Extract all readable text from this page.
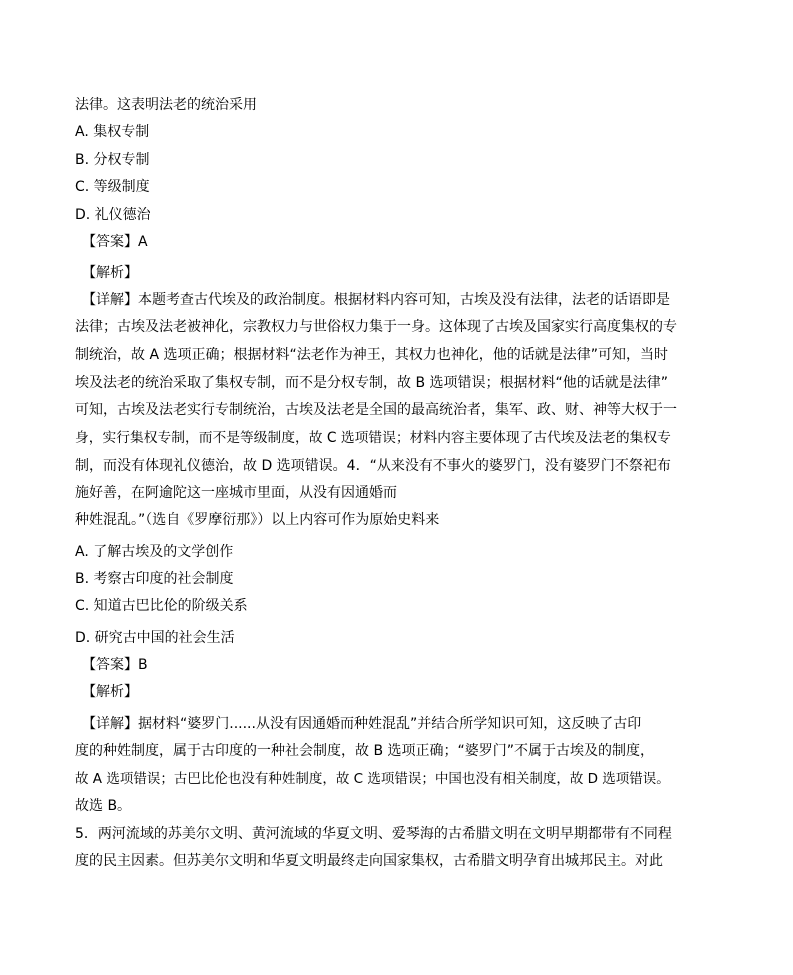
法律。这表明法老的统治采用
A. 集权专制
B. 分权专制
C. 等级制度
D. 礼仪德治
【答案】A
【解析】
【详解】本题考查古代埃及的政治制度。根据材料内容可知，古埃及没有法律，法老的话语即是
法律；古埃及法老被神化，宗教权力与世俗权力集于一身。这体现了古埃及国家实行高度集权的专
制统治，故 A 选项正确；根据材料“法老作为神王，其权力也神化，他的话就是法律”可知，当时
埃及法老的统治采取了集权专制，而不是分权专制，故 B 选项错误；根据材料“他的话就是法律”
可知，古埃及法老实行专制统治，古埃及法老是全国的最高统治者，集军、政、财、神等大权于一
身，实行集权专制，而不是等级制度，故 C 选项错误；材料内容主要体现了古代埃及法老的集权专
制，而没有体现礼仪德治，故 D 选项错误。4．“从来没有不事火的婆罗门，没有婆罗门不祭祀布
施好善，在阿逾陀这一座城市里面，从没有因通婚而
种姓混乱。”（选自《罗摩衍那》）以上内容可作为原始史料来
A. 了解古埃及的文学创作
B. 考察古印度的社会制度
C. 知道古巴比伦的阶级关系
D. 研究古中国的社会生活
【答案】B
【解析】
【详解】据材料“婆罗门......从没有因通婚而种姓混乱”并结合所学知识可知，这反映了古印
度的种姓制度，属于古印度的一种社会制度，故 B 选项正确；“婆罗门”不属于古埃及的制度，
故 A 选项错误；古巴比伦也没有种姓制度，故 C 选项错误；中国也没有相关制度，故 D 选项错误。
故选 B。
5．两河流域的苏美尔文明、黄河流域的华夏文明、爱琴海的古希腊文明在文明早期都带有不同程
度的民主因素。但苏美尔文明和华夏文明最终走向国家集权，古希腊文明孕育出城邦民主。对此
